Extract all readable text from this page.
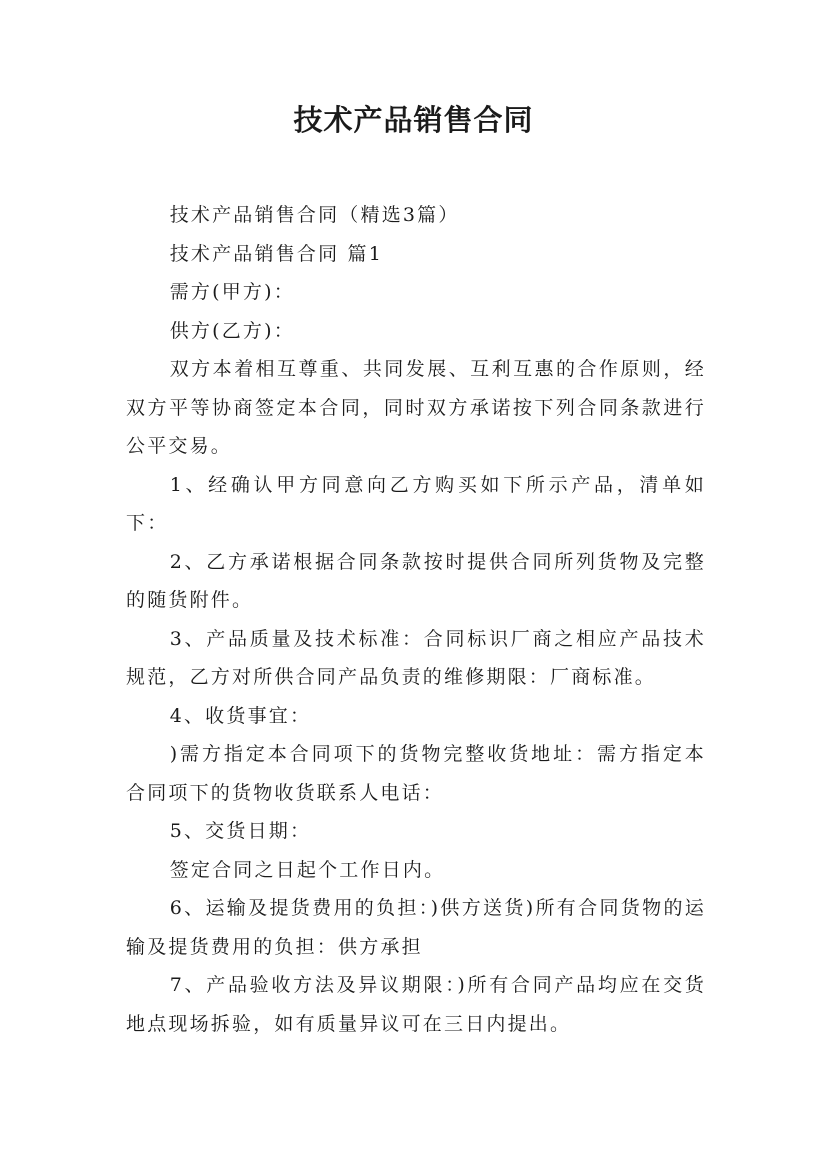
技术产品销售合同

技术产品销售合同（精选3篇）

技术产品销售合同 篇1

需方(甲方)：

供方(乙方)：

双方本着相互尊重、共同发展、互利互惠的合作原则，经双方平等协商签定本合同，同时双方承诺按下列合同条款进行公平交易。

1、经确认甲方同意向乙方购买如下所示产品，清单如下：

2、乙方承诺根据合同条款按时提供合同所列货物及完整的随货附件。

3、产品质量及技术标准：合同标识厂商之相应产品技术规范，乙方对所供合同产品负责的维修期限：厂商标准。

4、收货事宜：

)需方指定本合同项下的货物完整收货地址：需方指定本合同项下的货物收货联系人电话：

5、交货日期：

签定合同之日起个工作日内。

6、运输及提货费用的负担：)供方送货)所有合同货物的运输及提货费用的负担：供方承担

7、产品验收方法及异议期限：)所有合同产品均应在交货地点现场拆验，如有质量异议可在三日内提出。
